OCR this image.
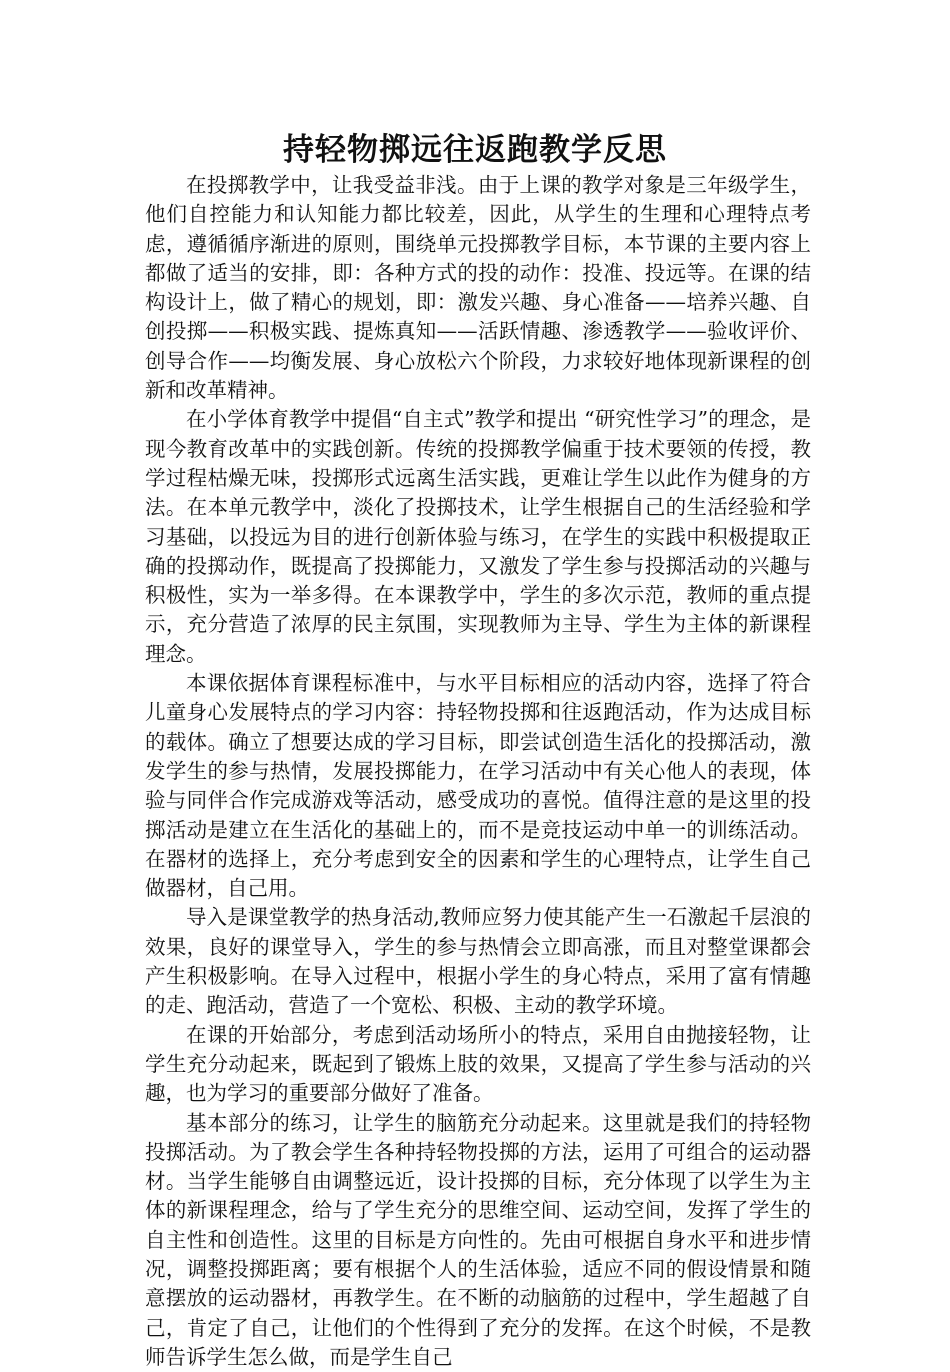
持轻物掷远往返跑教学反思

在投掷教学中，让我受益非浅。由于上课的教学对象是三年级学生，他们自控能力和认知能力都比较差，因此，从学生的生理和心理特点考虑，遵循循序渐进的原则，围绕单元投掷教学目标，本节课的主要内容上都做了适当的安排，即：各种方式的投的动作：投准、投远等。在课的结构设计上，做了精心的规划，即：激发兴趣、身心准备——培养兴趣、自创投掷——积极实践、提炼真知——活跃情趣、渗透教学——验收评价、创导合作——均衡发展、身心放松六个阶段，力求较好地体现新课程的创新和改革精神。

在小学体育教学中提倡“自主式”教学和提出 “研究性学习”的理念，是现今教育改革中的实践创新。传统的投掷教学偏重于技术要领的传授，教学过程枯燥无味，投掷形式远离生活实践，更难让学生以此作为健身的方法。在本单元教学中，淡化了投掷技术，让学生根据自己的生活经验和学习基础，以投远为目的进行创新体验与练习，在学生的实践中积极提取正确的投掷动作，既提高了投掷能力，又激发了学生参与投掷活动的兴趣与积极性，实为一举多得。在本课教学中，学生的多次示范，教师的重点提示，充分营造了浓厚的民主氛围，实现教师为主导、学生为主体的新课程理念。

本课依据体育课程标准中，与水平目标相应的活动内容，选择了符合儿童身心发展特点的学习内容：持轻物投掷和往返跑活动，作为达成目标的载体。确立了想要达成的学习目标，即尝试创造生活化的投掷活动，激发学生的参与热情，发展投掷能力，在学习活动中有关心他人的表现，体验与同伴合作完成游戏等活动，感受成功的喜悦。值得注意的是这里的投掷活动是建立在生活化的基础上的，而不是竞技运动中单一的训练活动。在器材的选择上，充分考虑到安全的因素和学生的心理特点，让学生自己做器材，自己用。

导入是课堂教学的热身活动,教师应努力使其能产生一石激起千层浪的效果，良好的课堂导入，学生的参与热情会立即高涨，而且对整堂课都会产生积极影响。在导入过程中，根据小学生的身心特点，采用了富有情趣的走、跑活动，营造了一个宽松、积极、主动的教学环境。

在课的开始部分，考虑到活动场所小的特点，采用自由抛接轻物，让学生充分动起来，既起到了锻炼上肢的效果，又提高了学生参与活动的兴趣，也为学习的重要部分做好了准备。

基本部分的练习，让学生的脑筋充分动起来。这里就是我们的持轻物投掷活动。为了教会学生各种持轻物投掷的方法，运用了可组合的运动器材。当学生能够自由调整远近，设计投掷的目标，充分体现了以学生为主体的新课程理念，给与了学生充分的思维空间、运动空间，发挥了学生的自主性和创造性。这里的目标是方向性的。先由可根据自身水平和进步情况，调整投掷距离；要有根据个人的生活体验，适应不同的假设情景和随意摆放的运动器材，再教学生。在不断的动脑筋的过程中，学生超越了自己，肯定了自己，让他们的个性得到了充分的发挥。在这个时候，不是教师告诉学生怎么做，而是学生自己
